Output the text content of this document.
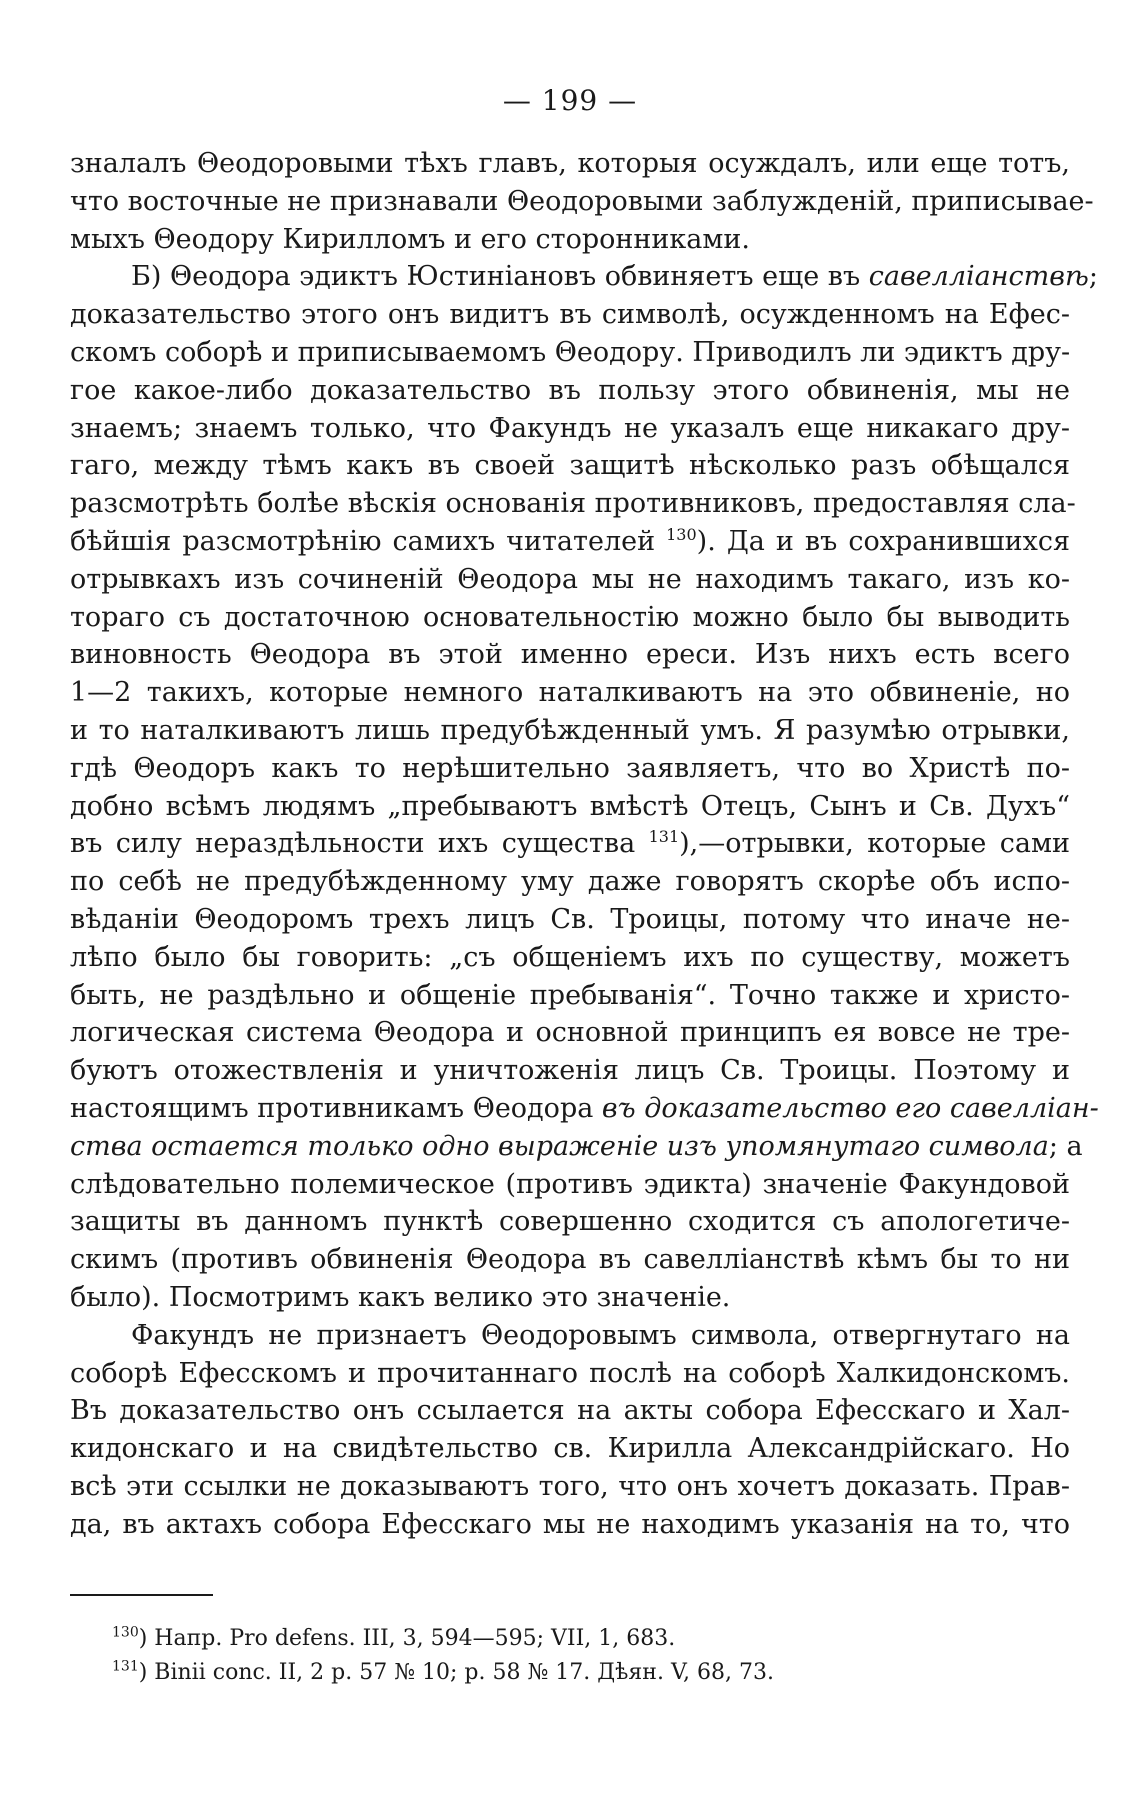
— 199 —

зналалъ Θеодоровыми тѣхъ главъ, которыя осуждалъ, или еще тотъ,
что восточные не признавали Θеодоровыми заблужденій, приписывае-
мыхъ Θеодору Кирилломъ и его сторонниками.

Б) Θеодора эдиктъ Юстиніановъ обвиняетъ еще въ савелліанствѣ;
доказательство этого онъ видитъ въ символѣ, осужденномъ на Ефес-
скомъ соборѣ и приписываемомъ Θеодору. Приводилъ ли эдиктъ дру-
гое какое-либо доказательство въ пользу этого обвиненія, мы не
знаемъ; знаемъ только, что Факундъ не указалъ еще никакаго дру-
гаго, между тѣмъ какъ въ своей защитѣ нѣсколько разъ обѣщался
разсмотрѣть болѣе вѣскія основанія противниковъ, предоставляя сла-
бѣйшія разсмотрѣнію самихъ читателей $^{130}$). Да и въ сохранившихся
отрывкахъ изъ сочиненій Θеодора мы не находимъ такаго, изъ ко-
тораго съ достаточною основательностію можно было бы выводить
виновность Θеодора въ этой именно ереси. Изъ нихъ есть всего
1—2 такихъ, которые немного наталкиваютъ на это обвиненіе, но
и то наталкиваютъ лишь предубѣжденный умъ. Я разумѣю отрывки,
гдѣ Θеодоръ какъ то нерѣшительно заявляетъ, что во Христѣ по-
добно всѣмъ людямъ „пребываютъ вмѣстѣ Отецъ, Сынъ и Св. Духъ“
въ силу нераздѣльности ихъ существа $^{131}$),—отрывки, которые сами
по себѣ не предубѣжденному уму даже говорятъ скорѣе объ испо-
вѣданіи Θеодоромъ трехъ лицъ Св. Троицы, потому что иначе не-
лѣпо было бы говорить: „съ общеніемъ ихъ по существу, можетъ
быть, не раздѣльно и общеніе пребыванія“. Точно также и христо-
логическая система Θеодора и основной принципъ ея вовсе не тре-
буютъ отожествленія и уничтоженія лицъ Св. Троицы. Поэтому и
настоящимъ противникамъ Θеодора въ доказательство его савелліан-
ства остается только одно выраженіе изъ упомянутаго символа; а
слѣдовательно полемическое (противъ эдикта) значеніе Факундовой
защиты въ данномъ пунктѣ совершенно сходится съ апологетиче-
скимъ (противъ обвиненія Θеодора въ савелліанствѣ кѣмъ бы то ни
было). Посмотримъ какъ велико это значеніе.

Факундъ не признаетъ Θеодоровымъ символа, отвергнутаго на
соборѣ Ефесскомъ и прочитаннаго послѣ на соборѣ Халкидонскомъ.
Въ доказательство онъ ссылается на акты собора Ефесскаго и Хал-
кидонскаго и на свидѣтельство св. Кирилла Александрійскаго. Но
всѣ эти ссылки не доказываютъ того, что онъ хочетъ доказать. Прав-
да, въ актахъ собора Ефесскаго мы не находимъ указанія на то, что

$^{130}$) Напр. Pro defens. III, 3, 594—595; VII, 1, 683.
$^{131}$) Binii conc. II, 2 p. 57 № 10; p. 58 № 17. Дѣян. V, 68, 73.
